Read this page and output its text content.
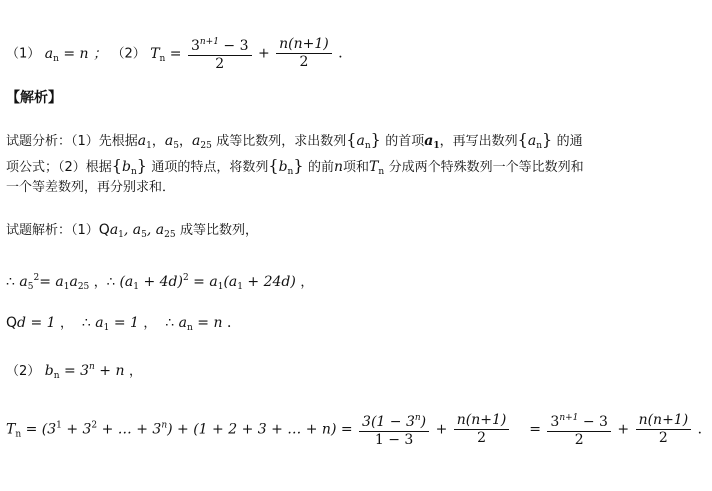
（1） $a_n = n$ ； （2） $T_n = \frac{3^{n+1} - 3}{2} + \frac{n(n+1)}{2}$ ．
【解析】
试题分析：（1）先根据$a_1$，$a_5$，$a_{25}$ 成等比数列，求出数列$\{a_n\}$ 的首项$a_1$，再写出数列$\{a_n\}$ 的通
项公式；（2）根据$\{b_n\}$ 通项的特点，将数列$\{b_n\}$ 的前n项和$T_n$ 分成两个特殊数列一个等比数列和
一个等差数列，再分别求和．
试题解析：$(1)Qa_1$, $a_5$, $a_{25}$ 成等比数列，
∴ $a_5^2= a_1a_{25}$ ，∴ $(a_1 + 4d)^2 = a_1(a_1 + 24d)$ ，
Qd = 1 ， ∴ $a_1 = 1$ ， ∴ $a_n = n$ ．
（2） $b_n = 3^n + n$ ，
$T_n = (3^1 + 3^2$ + … + $3^n) + (1 + 2 + 3$ + … + $n) = \frac{3(1 - 3^n)}{1 - 3} + \frac{n(n+1)}{2} = \frac{3^{n+1} - 3}{2} + \frac{n(n+1)}{2}$ ．
